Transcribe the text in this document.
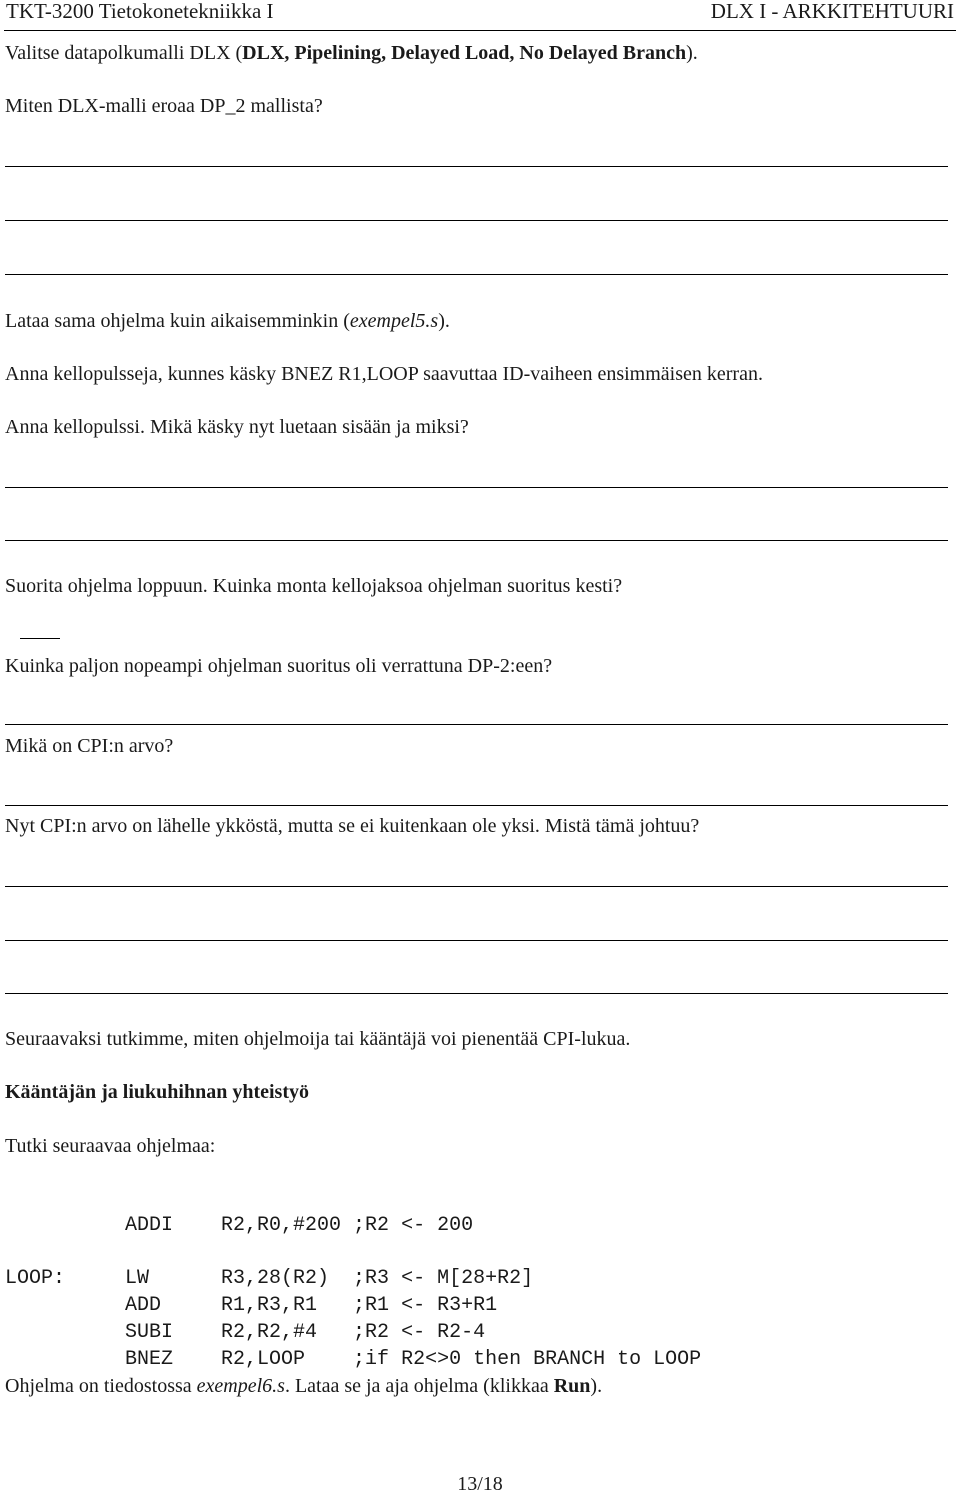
TKT-3200 Tietokonetekniikka I	DLX I - ARKKITEHTUURI
Valitse datapolkumalli DLX (DLX, Pipelining, Delayed Load, No Delayed Branch).
Miten DLX-malli eroaa DP_2 mallista?
Lataa sama ohjelma kuin aikaisemminkin (exempel5.s).
Anna kellopulsseja, kunnes käsky BNEZ R1,LOOP saavuttaa ID-vaiheen ensimmäisen kerran.
Anna kellopulssi. Mikä käsky nyt luetaan sisään ja miksi?
Suorita ohjelma loppuun. Kuinka monta kellojaksoa ohjelman suoritus kesti?
Kuinka paljon nopeampi ohjelman suoritus oli verrattuna DP-2:een?
Mikä on CPI:n arvo?
Nyt CPI:n arvo on lähelle ykköstä, mutta se ei kuitenkaan ole yksi. Mistä tämä johtuu?
Seuraavaksi tutkimme, miten ohjelmoija tai kääntäjä voi pienentää CPI-lukua.
Kääntäjän ja liukuhihnan yhteistyö
Tutki seuraavaa ohjelmaa:

ADDI    R2,R0,#200 ;R2 <- 200

LOOP:     LW      R3,28(R2)  ;R3 <- M[28+R2]
ADD     R1,R3,R1   ;R1 <- R3+R1
SUBI    R2,R2,#4   ;R2 <- R2-4
BNEZ    R2,LOOP    ;if R2<>0 then BRANCH to LOOP

Ohjelma on tiedostossa exempel6.s. Lataa se ja aja ohjelma (klikkaa Run).
13/18
